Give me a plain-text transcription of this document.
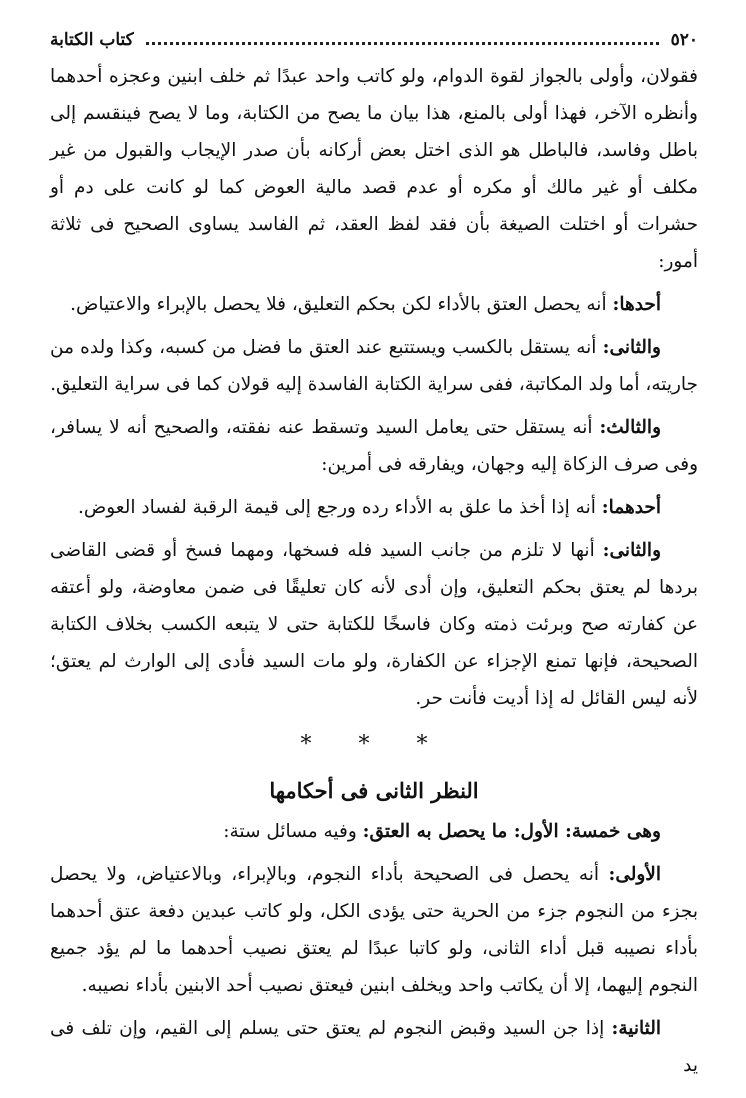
٥٢٠
كتاب الكتابة

فقولان، وأولى بالجواز لقوة الدوام، ولو كاتب واحد عبدًا ثم خلف ابنين وعجزه أحدهما وأنظره الآخر، فهذا أولى بالمنع، هذا بيان ما يصح من الكتابة، وما لا يصح فينقسم إلى باطل وفاسد، فالباطل هو الذى اختل بعض أركانه بأن صدر الإيجاب والقبول من غير مكلف أو غير مالك أو مكره أو عدم قصد مالية العوض كما لو كانت على دم أو حشرات أو اختلت الصيغة بأن فقد لفظ العقد، ثم الفاسد يساوى الصحيح فى ثلاثة أمور:

أحدها: أنه يحصل العتق بالأداء لكن بحكم التعليق، فلا يحصل بالإبراء والاعتياض.

والثانى: أنه يستقل بالكسب ويستتبع عند العتق ما فضل من كسبه، وكذا ولده من جاريته، أما ولد المكاتبة، ففى سراية الكتابة الفاسدة إليه قولان كما فى سراية التعليق.

والثالث: أنه يستقل حتى يعامل السيد وتسقط عنه نفقته، والصحيح أنه لا يسافر، وفى صرف الزكاة إليه وجهان، ويفارقه فى أمرين:

أحدهما: أنه إذا أخذ ما علق به الأداء رده ورجع إلى قيمة الرقبة لفساد العوض.

والثانى: أنها لا تلزم من جانب السيد فله فسخها، ومهما فسخ أو قضى القاضى بردها لم يعتق بحكم التعليق، وإن أدى لأنه كان تعليقًا فى ضمن معاوضة، ولو أعتقه عن كفارته صح وبرئت ذمته وكان فاسخًا للكتابة حتى لا يتبعه الكسب بخلاف الكتابة الصحيحة، فإنها تمنع الإجزاء عن الكفارة، ولو مات السيد فأدى إلى الوارث لم يعتق؛ لأنه ليس القائل له إذا أديت فأنت حر.

* * *
النظر الثانى فى أحكامها

وهى خمسة: الأول: ما يحصل به العتق: وفيه مسائل ستة:

الأولى: أنه يحصل فى الصحيحة بأداء النجوم، وبالإبراء، وبالاعتياض، ولا يحصل بجزء من النجوم جزء من الحرية حتى يؤدى الكل، ولو كاتب عبدين دفعة عتق أحدهما بأداء نصيبه قبل أداء الثانى، ولو كاتبا عبدًا لم يعتق نصيب أحدهما ما لم يؤد جميع النجوم إليهما، إلا أن يكاتب واحد ويخلف ابنين فيعتق نصيب أحد الابنين بأداء نصيبه.

الثانية: إذا جن السيد وقبض النجوم لم يعتق حتى يسلم إلى القيم، وإن تلف فى يد
